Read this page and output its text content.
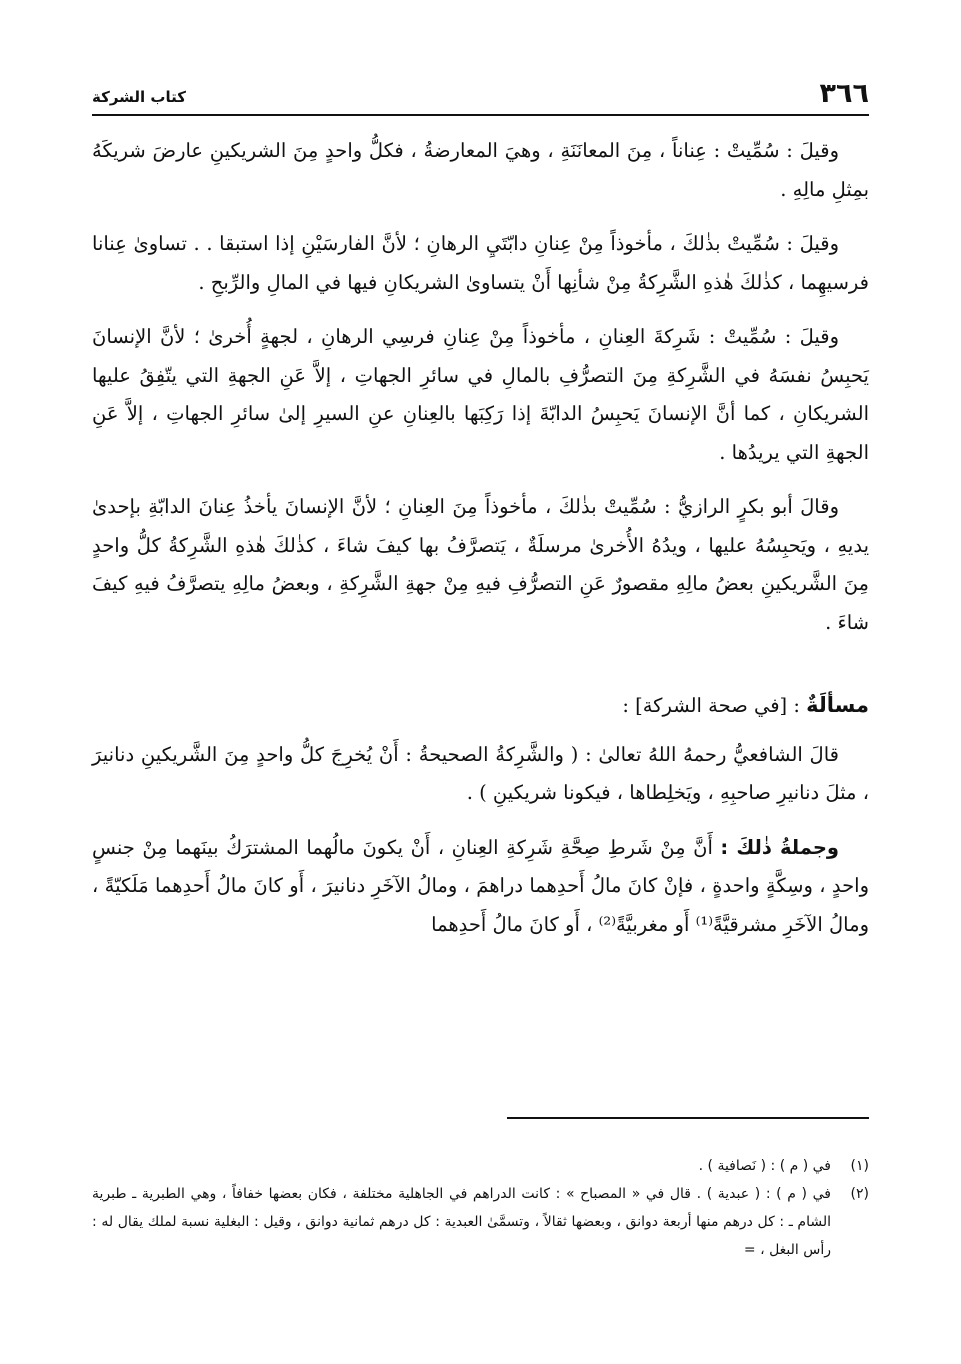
٣٦٦
كتاب الشركة

وقيلَ : سُمِّيتْ : عِناناً ، مِنَ المعانَنَةِ ، وهيَ المعارضةُ ، فكلُّ واحدٍ مِنَ الشريكينِ عارضَ شريكَهُ بمِثلِ مالِهِ .

وقيلَ : سُمِّيتْ بذٰلكَ ، مأخوذاً مِنْ عِنانِ دابّتَيِ الرهانِ ؛ لأنَّ الفارسَيْنِ إذا استبقا . . تساوىٰ عِنانا فرسيهِما ، كذٰلكَ هٰذهِ الشَّرِكةُ مِنْ شأنِها أَنْ يتساوىٰ الشريكانِ فيها في المالِ والرِّبحِ .

وقيلَ : سُمِّيتْ : شَرِكةَ العِنانِ ، مأخوذاً مِنْ عِنانِ فرسِي الرهانِ ، لجهةٍ أُخرىٰ ؛ لأنَّ الإنسانَ يَحبِسُ نفسَهُ في الشَّرِكةِ مِنَ التصرُّفِ بالمالِ في سائرِ الجهاتِ ، إلاَّ عَنِ الجهةِ التي يتّفِقُ عليها الشريكانِ ، كما أنَّ الإنسانَ يَحبِسُ الدابّةَ إذا رَكِبَها بالعِنانِ عنِ السيرِ إلىٰ سائرِ الجهاتِ ، إلاَّ عَنِ الجهةِ التي يريدُها .

وقالَ أبو بكرٍ الرازيُّ : سُمِّيتْ بذٰلكَ ، مأخوذاً مِنَ العِنانِ ؛ لأنَّ الإنسانَ يأخذُ عِنانَ الدابّةِ بإحدىٰ يديهِ ، ويَحبِسُهُ عليها ، ويدُهُ الأُخرىٰ مرسلَةٌ ، يَتصرَّفُ بها كيفَ شاءَ ، كذٰلكَ هٰذهِ الشَّرِكةُ كلُّ واحدٍ مِنَ الشَّريكينِ بعضُ مالِهِ مقصورٌ عَنِ التصرُّفِ فيهِ مِنْ جهةِ الشَّرِكةِ ، وبعضُ مالِهِ يتصرَّفُ فيهِ كيفَ شاءَ .

مسألَةٌ : [في صحة الشركة] :

قالَ الشافعيُّ رحمهُ اللهُ تعالىٰ : ( والشَّرِكةُ الصحيحةُ : أَنْ يُخرِجَ كلُّ واحدٍ مِنَ الشَّريكينِ دنانيرَ ، مثلَ دنانيرِ صاحبِهِ ، ويَخلِطاها ، فيكونا شريكينِ ) .

وجملةُ ذٰلكَ : أَنَّ مِنْ شَرطِ صِحَّةِ شَرِكةِ العِنانِ ، أَنْ يكونَ مالُهما المشترَكُ بينَهما مِنْ جنسٍ واحدٍ ، وسِكَّةٍ واحدةٍ ، فإنْ كانَ مالُ أَحدِهما دراهمَ ، ومالُ الآخَرِ دنانيرَ ، أَو كانَ مالُ أَحدِهما مَلَكيّةً ، ومالُ الآخَرِ مشرقيَّةً⁽¹⁾ أَو مغربيَّةً⁽²⁾ ، أَو كانَ مالُ أَحدِهما

(١)
في ( م ) : ( نَصافية ) .

(٢)
في ( م ) : ( عبدية ) . قال في « المصباح » : كانت الدراهم في الجاهلية مختلفة ، فكان بعضها خفافاً ، وهي الطبرية ـ طبرية الشام ـ : كل درهم منها أربعة دوانق ، وبعضها ثقالاً ، وتسمَّىٰ العبدية : كل درهم ثمانية دوانق ، وقيل : البغلية نسبة لملك يقال له : رأس البغل ، =
